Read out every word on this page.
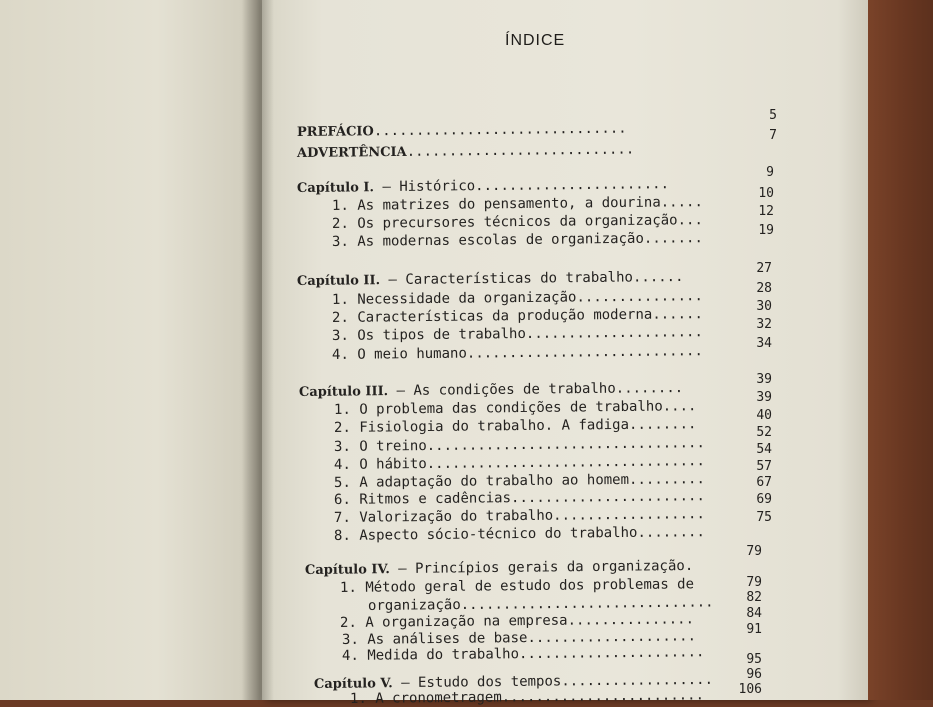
ÍNDICE
PREFÁCIO..............................
ADVERTÊNCIA...........................
Capítulo I. — Histórico.......................
1. As matrizes do pensamento, a dourina.....
2. Os precursores técnicos da organização...
3. As modernas escolas de organização.......
Capítulo II. — Características do trabalho......
1. Necessidade da organização...............
2. Características da produção moderna......
3. Os tipos de trabalho.....................
4. O meio humano............................
Capítulo III. — As condições de trabalho........
1. O problema das condições de trabalho....
2. Fisiologia do trabalho. A fadiga........
3. O treino.................................
4. O hábito.................................
5. A adaptação do trabalho ao homem.........
6. Ritmos e cadências.......................
7. Valorização do trabalho..................
8. Aspecto sócio-técnico do trabalho........
Capítulo IV. — Princípios gerais da organização.
1. Método geral de estudo dos problemas de
organização..............................
2. A organização na empresa...............
3. As análises de base....................
4. Medida do trabalho......................
Capítulo V. — Estudo dos tempos..................
1. A cronometragem........................
5
7
9
10
12
19
27
28
30
32
34
39
39
40
52
54
57
67
69
75
79
79
82
84
91
95
96
106
